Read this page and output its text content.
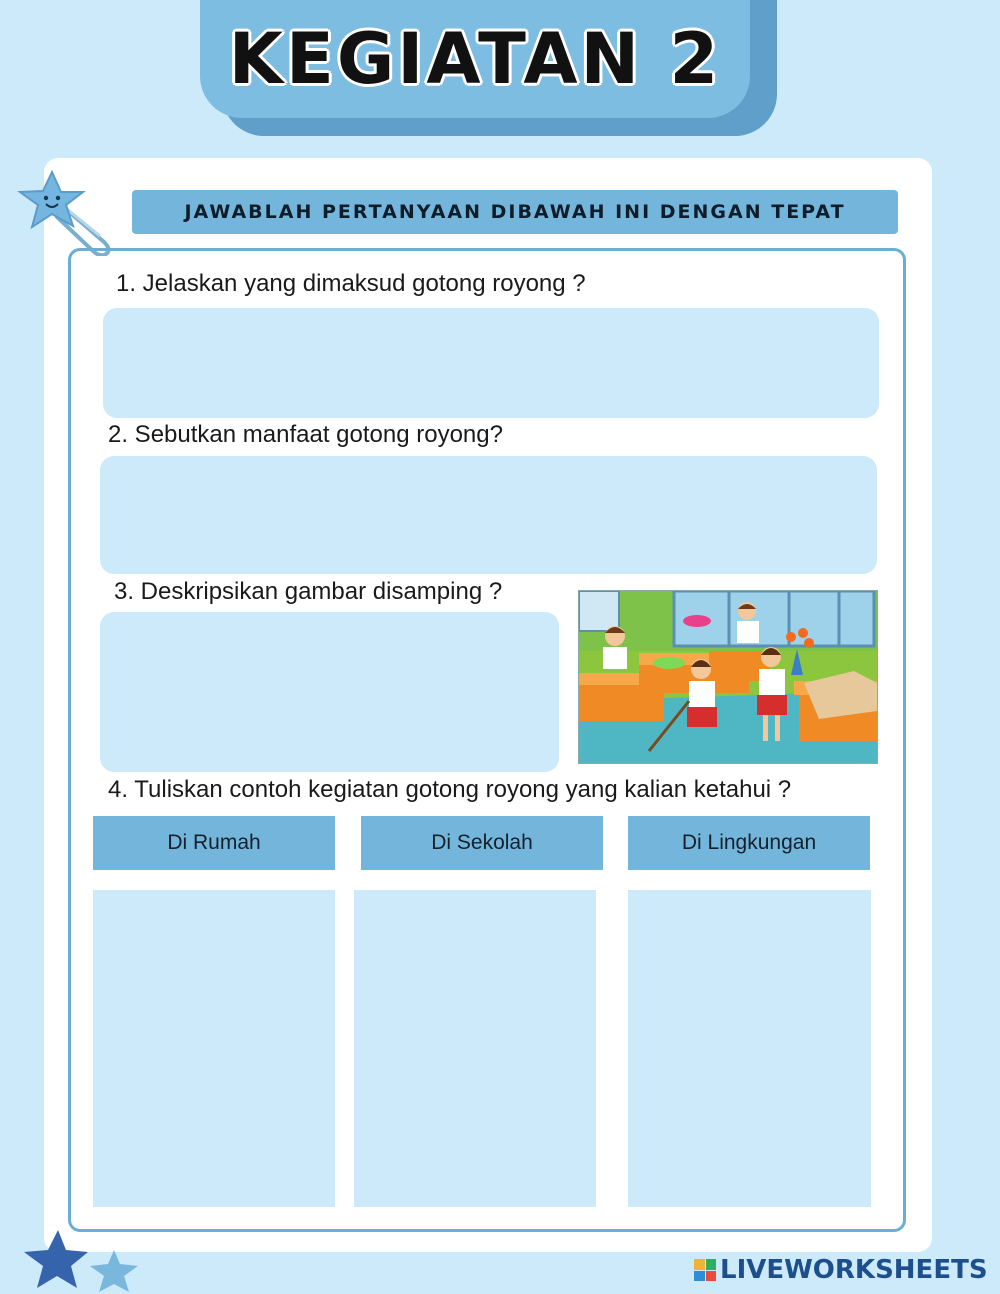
KEGIATAN 2
JAWABLAH PERTANYAAN DIBAWAH INI DENGAN TEPAT
1. Jelaskan yang dimaksud gotong royong ?
2. Sebutkan manfaat gotong royong?
3. Deskripsikan gambar disamping ?
4. Tuliskan contoh kegiatan gotong royong yang kalian ketahui ?
Di Rumah	Di Sekolah	Di Lingkungan
LIVEWORKSHEETS
